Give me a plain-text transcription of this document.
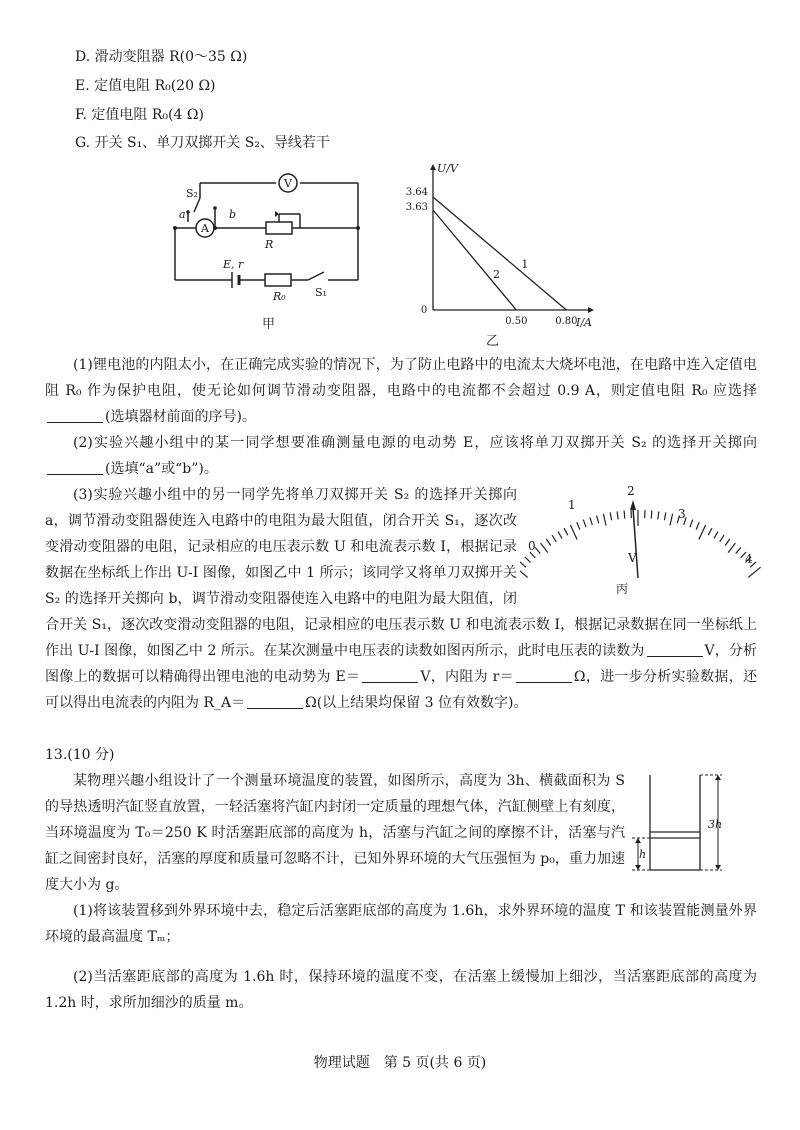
D. 滑动变阻器 R(0～35 Ω)
E. 定值电阻 R₀(20 Ω)
F. 定值电阻 R₀(4 Ω)
G. 开关 S₁、单刀双掷开关 S₂、导线若干
V
A
S₂
a	b
R
E, r
R₀	S₁
甲
1
2
0.50	0.80
3.64
3.63
0
I/A
U/V
乙

(1)锂电池的内阻太小，在正确完成实验的情况下，为了防止电路中的电流太大烧坏电池，在电路中连入定值电阻 R₀ 作为保护电阻，使无论如何调节滑动变阻器，电路中的电流都不会超过 0.9 A，则定值电阻 R₀ 应选择(选填器材前面的序号)。

(2)实验兴趣小组中的某一同学想要准确测量电源的电动势 E，应该将单刀双掷开关 S₂ 的选择开关掷向(选填“a”或“b”)。

0
1
2
3
4
V
丙

(3)实验兴趣小组中的另一同学先将单刀双掷开关 S₂ 的选择开关掷向 a，调节滑动变阻器使连入电路中的电阻为最大阻值，闭合开关 S₁，逐次改变滑动变阻器的电阻，记录相应的电压表示数 U 和电流表示数 I，根据记录数据在坐标纸上作出 U-I 图像，如图乙中 1 所示；该同学又将单刀双掷开关 S₂ 的选择开关掷向 b，调节滑动变阻器使连入电路中的电阻为最大阻值，闭合开关 S₁，逐次改变滑动变阻器的电阻，记录相应的电压表示数 U 和电流表示数 I，根据记录数据在同一坐标纸上作出 U-I 图像，如图乙中 2 所示。在某次测量中电压表的读数如图丙所示，此时电压表的读数为	V，分析图像上的数据可以精确得出锂电池的电动势为 E＝	V，内阻为 r＝	Ω，进一步分析实验数据，还可以得出电流表的内阻为 R_A＝	Ω(以上结果均保留 3 位有效数字)。

13.(10 分)

某物理兴趣小组设计了一个测量环境温度的装置，如图所示，高度为 3h、横截面积为 S 的导热透明汽缸竖直放置，一轻活塞将汽缸内封闭一定质量的理想气体，汽缸侧壁上有刻度，当环境温度为 T₀＝250 K 时活塞距底部的高度为 h，活塞与汽缸之间的摩擦不计，活塞与汽缸之间密封良好，活塞的厚度和质量可忽略不计，已知外界环境的大气压强恒为 p₀，重力加速度大小为 g。

3h
h

(1)将该装置移到外界环境中去，稳定后活塞距底部的高度为 1.6h，求外界环境的温度 T 和该装置能测量外界环境的最高温度 Tₘ；

(2)当活塞距底部的高度为 1.6h 时，保持环境的温度不变，在活塞上缓慢加上细沙，当活塞距底部的高度为 1.2h 时，求所加细沙的质量 m。

物理试题　第 5 页(共 6 页)
